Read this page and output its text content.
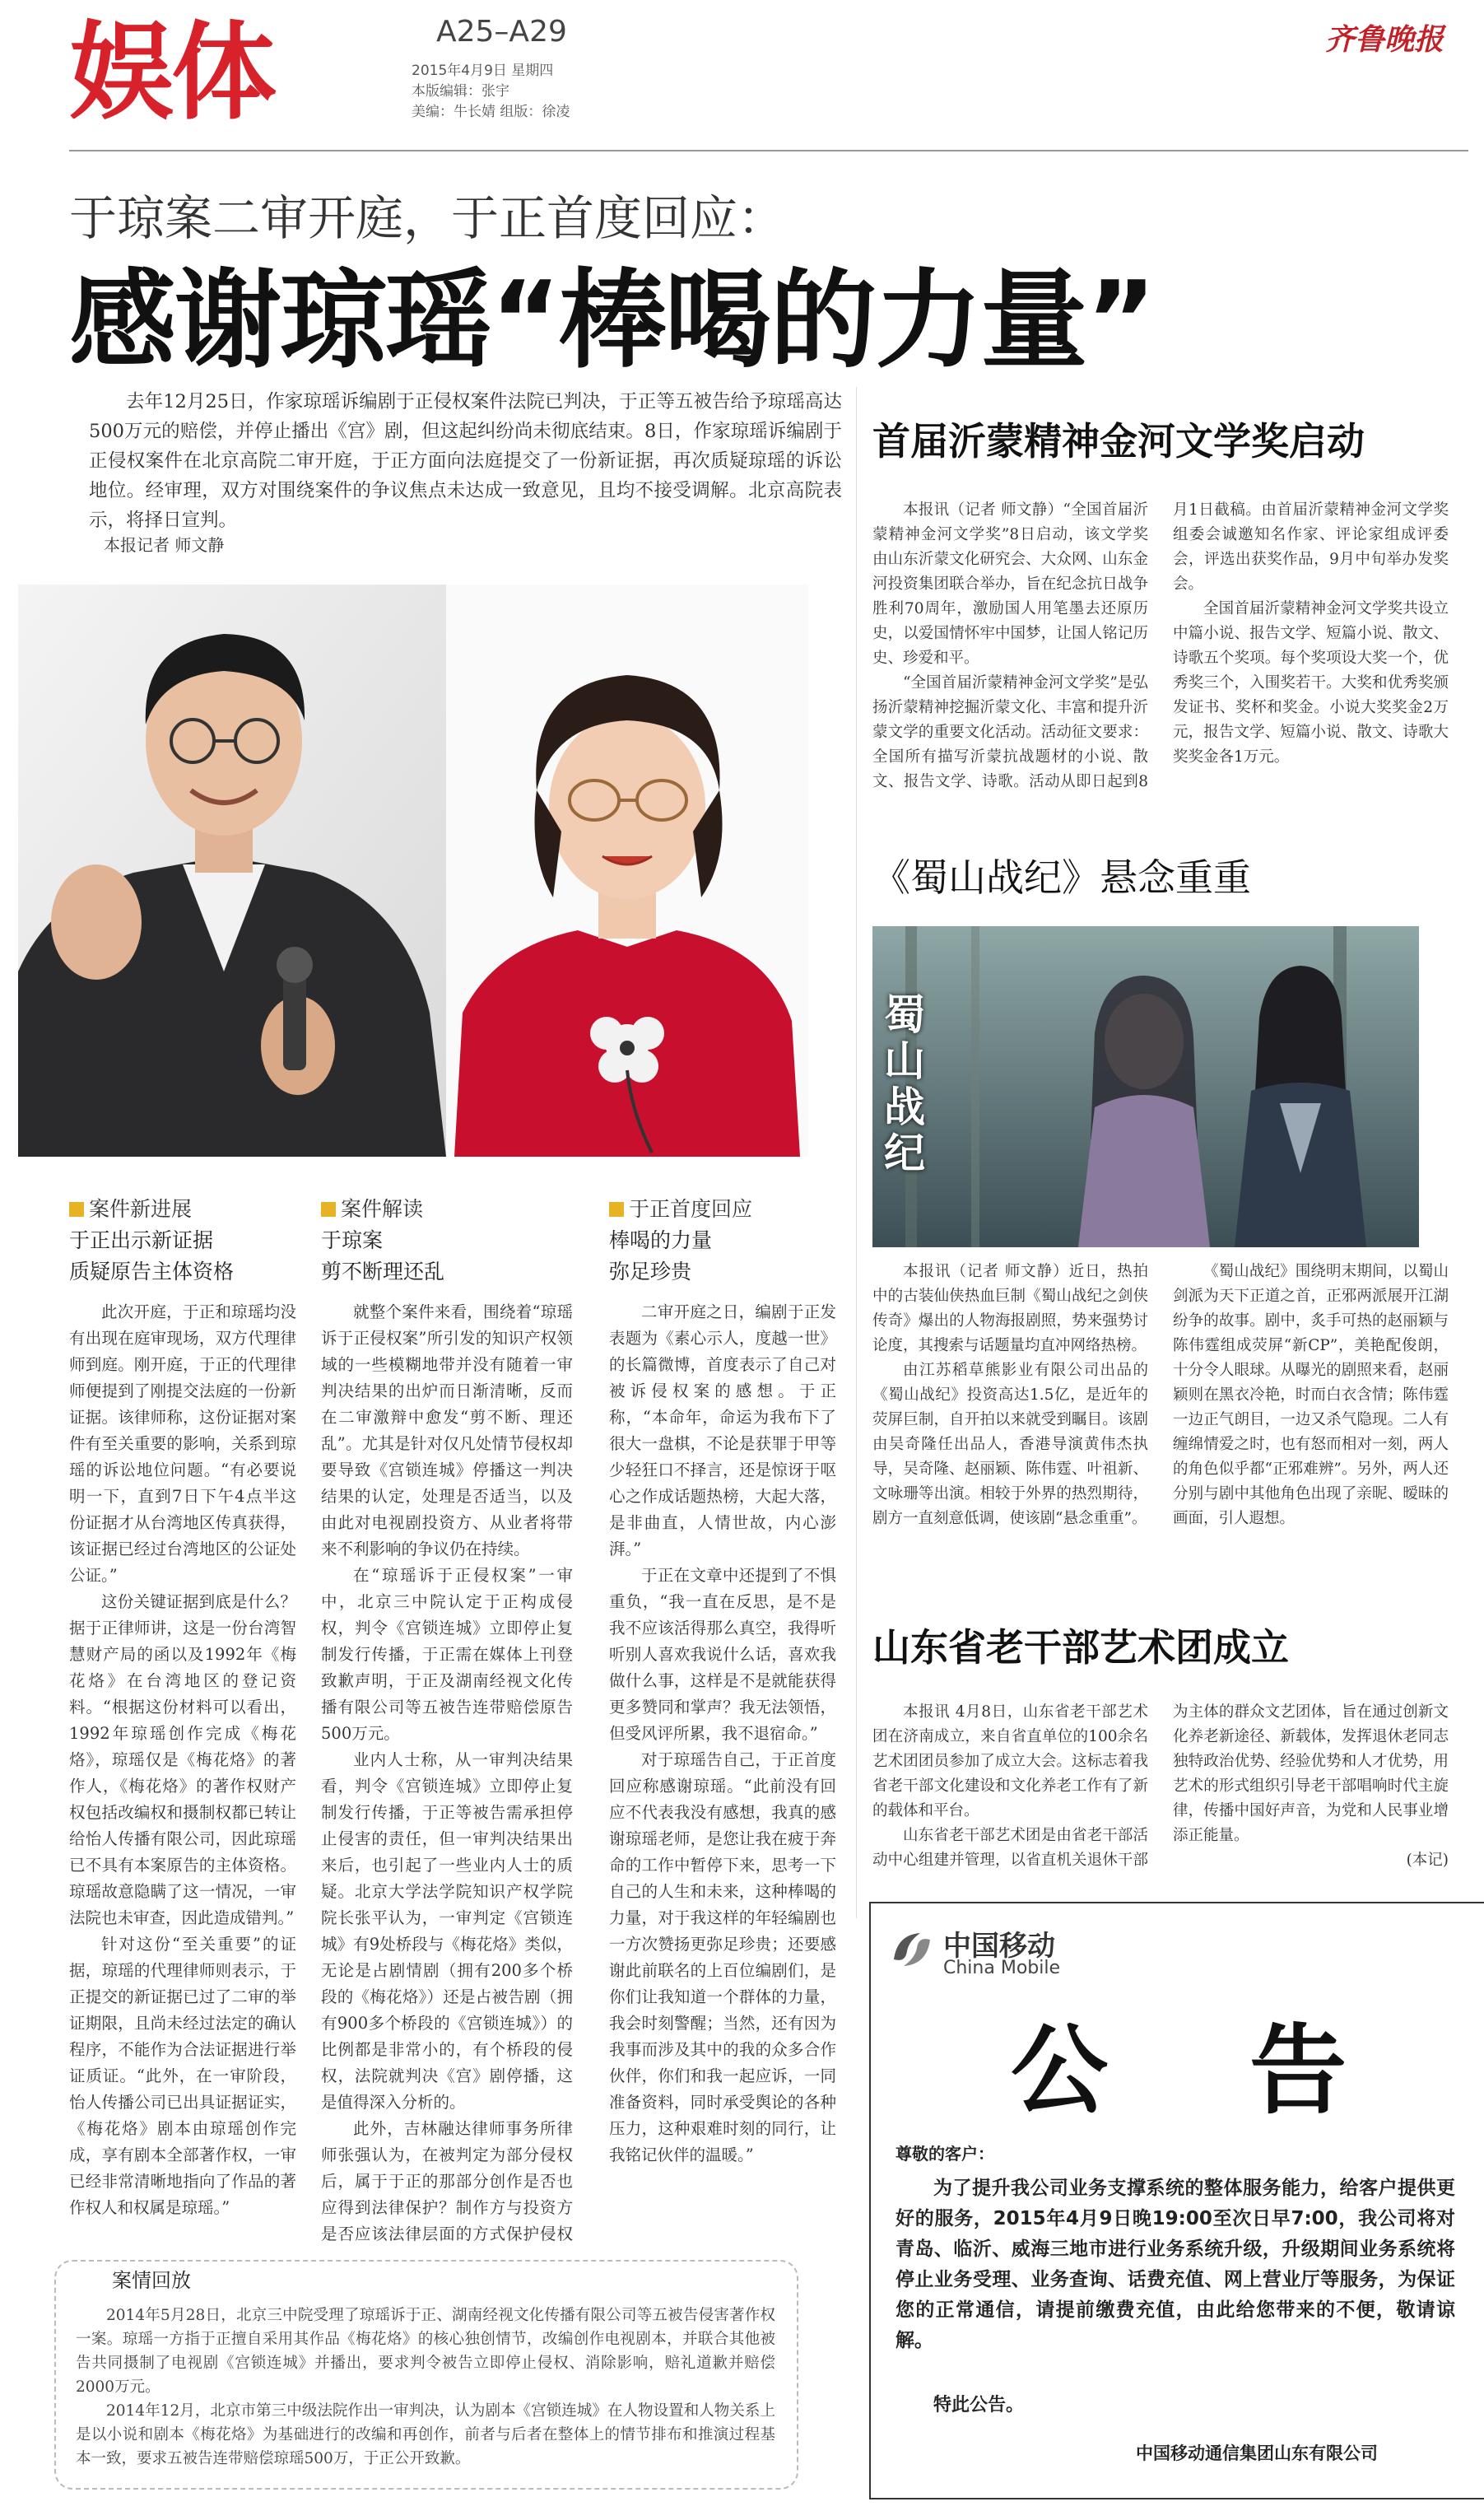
娱体	A25–A29
2015年4月9日 星期四
本版编辑：张宇
美编：牛长婧 组版：徐凌
齐鲁晚报
于琼案二审开庭，于正首度回应：
感谢琼瑶“棒喝的力量”
去年12月25日，作家琼瑶诉编剧于正侵权案件法院已判决，于正等五被告给予琼瑶高达500万元的赔偿，并停止播出《宫》剧，但这起纠纷尚未彻底结束。8日，作家琼瑶诉编剧于正侵权案件在北京高院二审开庭，于正方面向法庭提交了一份新证据，再次质疑琼瑶的诉讼地位。经审理，双方对围绕案件的争议焦点未达成一致意见，且均不接受调解。北京高院表示，将择日宣判。
本报记者 师文静
案件新进展
于正出示新证据
质疑原告主体资格

此次开庭，于正和琼瑶均没有出现在庭审现场，双方代理律师到庭。刚开庭，于正的代理律师便提到了刚提交法庭的一份新证据。该律师称，这份证据对案件有至关重要的影响，关系到琼瑶的诉讼地位问题。“有必要说明一下，直到7日下午4点半这份证据才从台湾地区传真获得，该证据已经过台湾地区的公证处公证。”

这份关键证据到底是什么？据于正律师讲，这是一份台湾智慧财产局的函以及1992年《梅花烙》在台湾地区的登记资料。“根据这份材料可以看出，1992年琼瑶创作完成《梅花烙》，琼瑶仅是《梅花烙》的著作人，《梅花烙》的著作权财产权包括改编权和摄制权都已转让给怡人传播有限公司，因此琼瑶已不具有本案原告的主体资格。琼瑶故意隐瞒了这一情况，一审法院也未审查，因此造成错判。”

针对这份“至关重要”的证据，琼瑶的代理律师则表示，于正提交的新证据已过了二审的举证期限，且尚未经过法定的确认程序，不能作为合法证据进行举证质证。“此外，在一审阶段，怡人传播公司已出具证据证实，《梅花烙》剧本由琼瑶创作完成，享有剧本全部著作权，一审已经非常清晰地指向了作品的著作权人和权属是琼瑶。”

案件解读
于琼案
剪不断理还乱

就整个案件来看，围绕着“琼瑶诉于正侵权案”所引发的知识产权领域的一些模糊地带并没有随着一审判决结果的出炉而日渐清晰，反而在二审激辩中愈发“剪不断、理还乱”。尤其是针对仅凡处情节侵权却要导致《宫锁连城》停播这一判决结果的认定，处理是否适当，以及由此对电视剧投资方、从业者将带来不利影响的争议仍在持续。

在“琼瑶诉于正侵权案”一审中，北京三中院认定于正构成侵权，判令《宫锁连城》立即停止复制发行传播，于正需在媒体上刊登致歉声明，于正及湖南经视文化传播有限公司等五被告连带赔偿原告500万元。

业内人士称，从一审判决结果看，判令《宫锁连城》立即停止复制发行传播，于正等被告需承担停止侵害的责任，但一审判决结果出来后，也引起了一些业内人士的质疑。北京大学法学院知识产权学院院长张平认为，一审判定《宫锁连城》有9处桥段与《梅花烙》类似，无论是占剧情剧（拥有200多个桥段的《梅花烙》）还是占被告剧（拥有900多个桥段的《宫锁连城》）的比例都是非常小的，有个桥段的侵权，法院就判决《宫》剧停播，这是值得深入分析的。

此外，吉林融达律师事务所律师张强认为，在被判定为部分侵权后，属于于正的那部分创作是否也应得到法律保护？制作方与投资方是否应该法律层面的方式保护侵权

于正首度回应
棒喝的力量
弥足珍贵

二审开庭之日，编剧于正发表题为《素心示人，度越一世》的长篇微博，首度表示了自己对被诉侵权案的感想。于正称，“本命年，命运为我布下了很大一盘棋，不论是获罪于甲等少轻狂口不择言，还是惊讶于呕心之作成话题热榜，大起大落，是非曲直，人情世故，内心澎湃。”

于正在文章中还提到了不惧重负，“我一直在反思，是不是我不应该活得那么真空，我得听听别人喜欢我说什么话，喜欢我做什么事，这样是不是就能获得更多赞同和掌声？我无法领悟，但受风评所累，我不退宿命。”

对于琼瑶告自己，于正首度回应称感谢琼瑶。“此前没有回应不代表我没有感想，我真的感谢琼瑶老师，是您让我在疲于奔命的工作中暂停下来，思考一下自己的人生和未来，这种棒喝的力量，对于我这样的年轻编剧也一方次赞扬更弥足珍贵；还要感谢此前联名的上百位编剧们，是你们让我知道一个群体的力量，我会时刻警醒；当然，还有因为我事而涉及其中的我的众多合作伙伴，你们和我一起应诉，一同准备资料，同时承受舆论的各种压力，这种艰难时刻的同行，让我铭记伙伴的温暖。”

案情回放

2014年5月28日，北京三中院受理了琼瑶诉于正、湖南经视文化传播有限公司等五被告侵害著作权一案。琼瑶一方指于正擅自采用其作品《梅花烙》的核心独创情节，改编创作电视剧本，并联合其他被告共同摄制了电视剧《宫锁连城》并播出，要求判令被告立即停止侵权、消除影响，赔礼道歉并赔偿2000万元。

2014年12月，北京市第三中级法院作出一审判决，认为剧本《宫锁连城》在人物设置和人物关系上是以小说和剧本《梅花烙》为基础进行的改编和再创作，前者与后者在整体上的情节排布和推演过程基本一致，要求五被告连带赔偿琼瑶500万，于正公开致歉。

首届沂蒙精神金河文学奖启动

本报讯（记者 师文静）“全国首届沂蒙精神金河文学奖”8日启动，该文学奖由山东沂蒙文化研究会、大众网、山东金河投资集团联合举办，旨在纪念抗日战争胜利70周年，激励国人用笔墨去还原历史，以爱国情怀牢中国梦，让国人铭记历史、珍爱和平。

“全国首届沂蒙精神金河文学奖”是弘扬沂蒙精神挖掘沂蒙文化、丰富和提升沂蒙文学的重要文化活动。活动征文要求：全国所有描写沂蒙抗战题材的小说、散文、报告文学、诗歌。活动从即日起到8月1日截稿。由首届沂蒙精神金河文学奖组委会诚邀知名作家、评论家组成评委会，评选出获奖作品，9月中旬举办发奖会。

全国首届沂蒙精神金河文学奖共设立中篇小说、报告文学、短篇小说、散文、诗歌五个奖项。每个奖项设大奖一个，优秀奖三个，入围奖若干。大奖和优秀奖颁发证书、奖杯和奖金。小说大奖奖金2万元，报告文学、短篇小说、散文、诗歌大奖奖金各1万元。

《蜀山战纪》悬念重重
蜀山战纪

本报讯（记者 师文静）近日，热拍中的古装仙侠热血巨制《蜀山战纪之剑侠传奇》爆出的人物海报剧照，势来强势讨论度，其搜索与话题量均直冲网络热榜。

由江苏稻草熊影业有限公司出品的《蜀山战纪》投资高达1.5亿，是近年的荧屏巨制，自开拍以来就受到瞩目。该剧由吴奇隆任出品人，香港导演黄伟杰执导，吴奇隆、赵丽颖、陈伟霆、叶祖新、文咏珊等出演。相较于外界的热烈期待，剧方一直刻意低调，使该剧“悬念重重”。

《蜀山战纪》围绕明末期间，以蜀山剑派为天下正道之首，正邪两派展开江湖纷争的故事。剧中，炙手可热的赵丽颖与陈伟霆组成荧屏“新CP”，美艳配俊朗，十分令人眼球。从曝光的剧照来看，赵丽颖则在黑衣冷艳，时而白衣含情；陈伟霆一边正气朗目，一边又杀气隐现。二人有缠绵情爱之时，也有怒而相对一刻，两人的角色似乎都“正邪难辨”。另外，两人还分别与剧中其他角色出现了亲昵、暧昧的画面，引人遐想。

山东省老干部艺术团成立

本报讯 4月8日，山东省老干部艺术团在济南成立，来自省直单位的100余名艺术团团员参加了成立大会。这标志着我省老干部文化建设和文化养老工作有了新的载体和平台。

山东省老干部艺术团是由省老干部活动中心组建并管理，以省直机关退休干部为主体的群众文艺团体，旨在通过创新文化养老新途径、新载体，发挥退休老同志独特政治优势、经验优势和人才优势，用艺术的形式组织引导老干部唱响时代主旋律，传播中国好声音，为党和人民事业增添正能量。

(本记)

中国移动
China Mobile
公  告
尊敬的客户：
为了提升我公司业务支撑系统的整体服务能力，给客户提供更好的服务，2015年4月9日晚19:00至次日早7:00，我公司将对青岛、临沂、威海三地市进行业务系统升级，升级期间业务系统将停止业务受理、业务查询、话费充值、网上营业厅等服务，为保证您的正常通信，请提前缴费充值，由此给您带来的不便，敬请谅解。
特此公告。
中国移动通信集团山东有限公司
